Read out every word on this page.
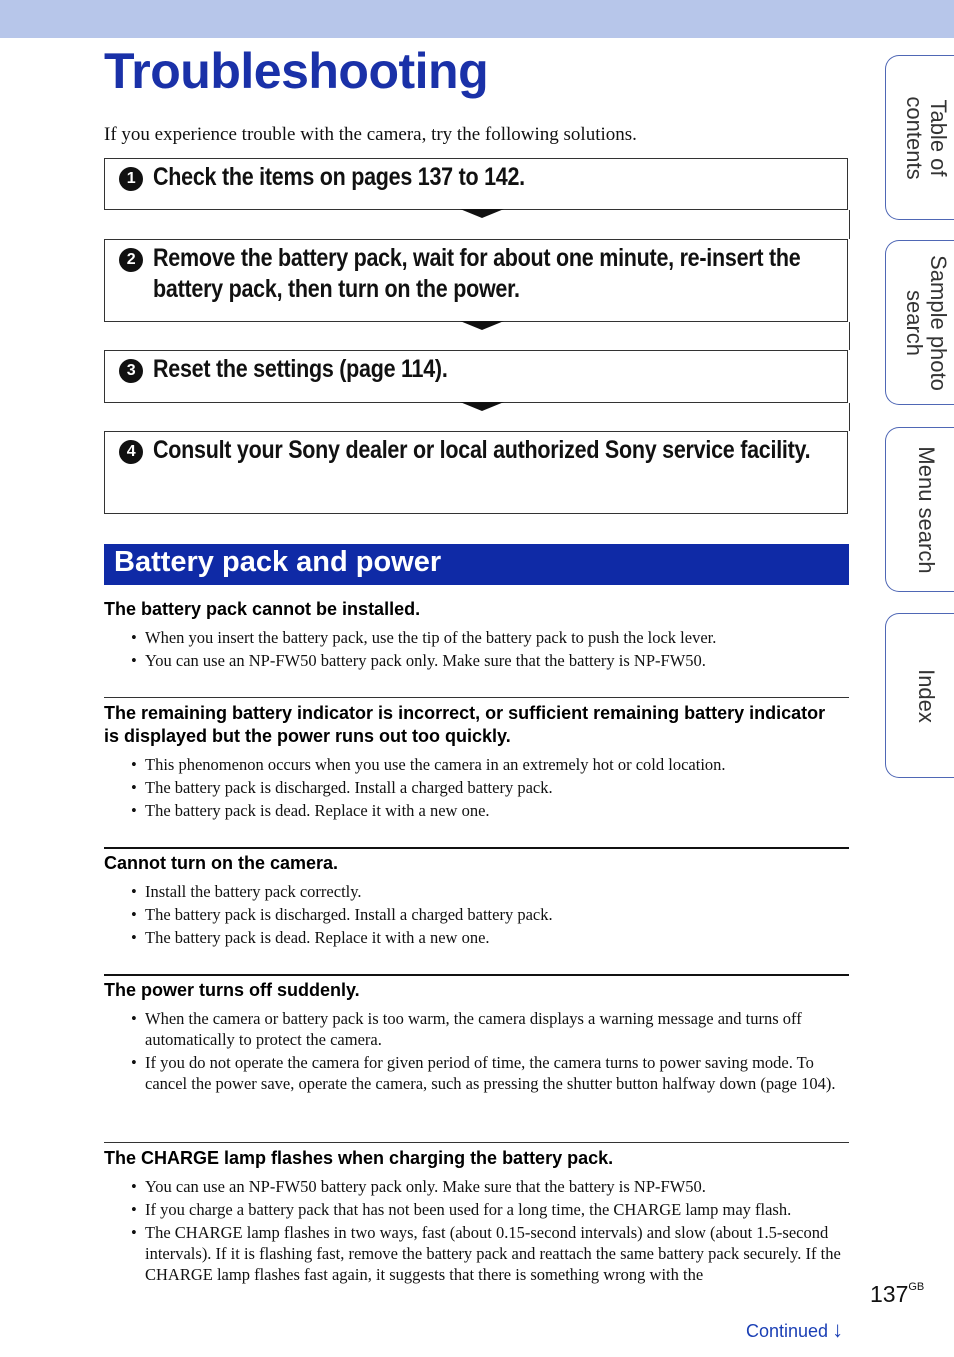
Troubleshooting
If you experience trouble with the camera, try the following solutions.
1 Check the items on pages 137 to 142.
2 Remove the battery pack, wait for about one minute, re-insert the battery pack, then turn on the power.
3 Reset the settings (page 114).
4 Consult your Sony dealer or local authorized Sony service facility.
Battery pack and power
The battery pack cannot be installed.
• When you insert the battery pack, use the tip of the battery pack to push the lock lever.
• You can use an NP-FW50 battery pack only. Make sure that the battery is NP-FW50.
The remaining battery indicator is incorrect, or sufficient remaining battery indicator is displayed but the power runs out too quickly.
• This phenomenon occurs when you use the camera in an extremely hot or cold location.
• The battery pack is discharged. Install a charged battery pack.
• The battery pack is dead. Replace it with a new one.
Cannot turn on the camera.
• Install the battery pack correctly.
• The battery pack is discharged. Install a charged battery pack.
• The battery pack is dead. Replace it with a new one.
The power turns off suddenly.
• When the camera or battery pack is too warm, the camera displays a warning message and turns off automatically to protect the camera.
• If you do not operate the camera for given period of time, the camera turns to power saving mode. To cancel the power save, operate the camera, such as pressing the shutter button halfway down (page 104).
The CHARGE lamp flashes when charging the battery pack.
• You can use an NP-FW50 battery pack only. Make sure that the battery is NP-FW50.
• If you charge a battery pack that has not been used for a long time, the CHARGE lamp may flash.
• The CHARGE lamp flashes in two ways, fast (about 0.15-second intervals) and slow (about 1.5-second intervals). If it is flashing fast, remove the battery pack and reattach the same battery pack securely. If the CHARGE lamp flashes fast again, it suggests that there is something wrong with the
Table of
contents
Sample photo
search
Menu search
Index
$137^{GB}$
Continued ↓
